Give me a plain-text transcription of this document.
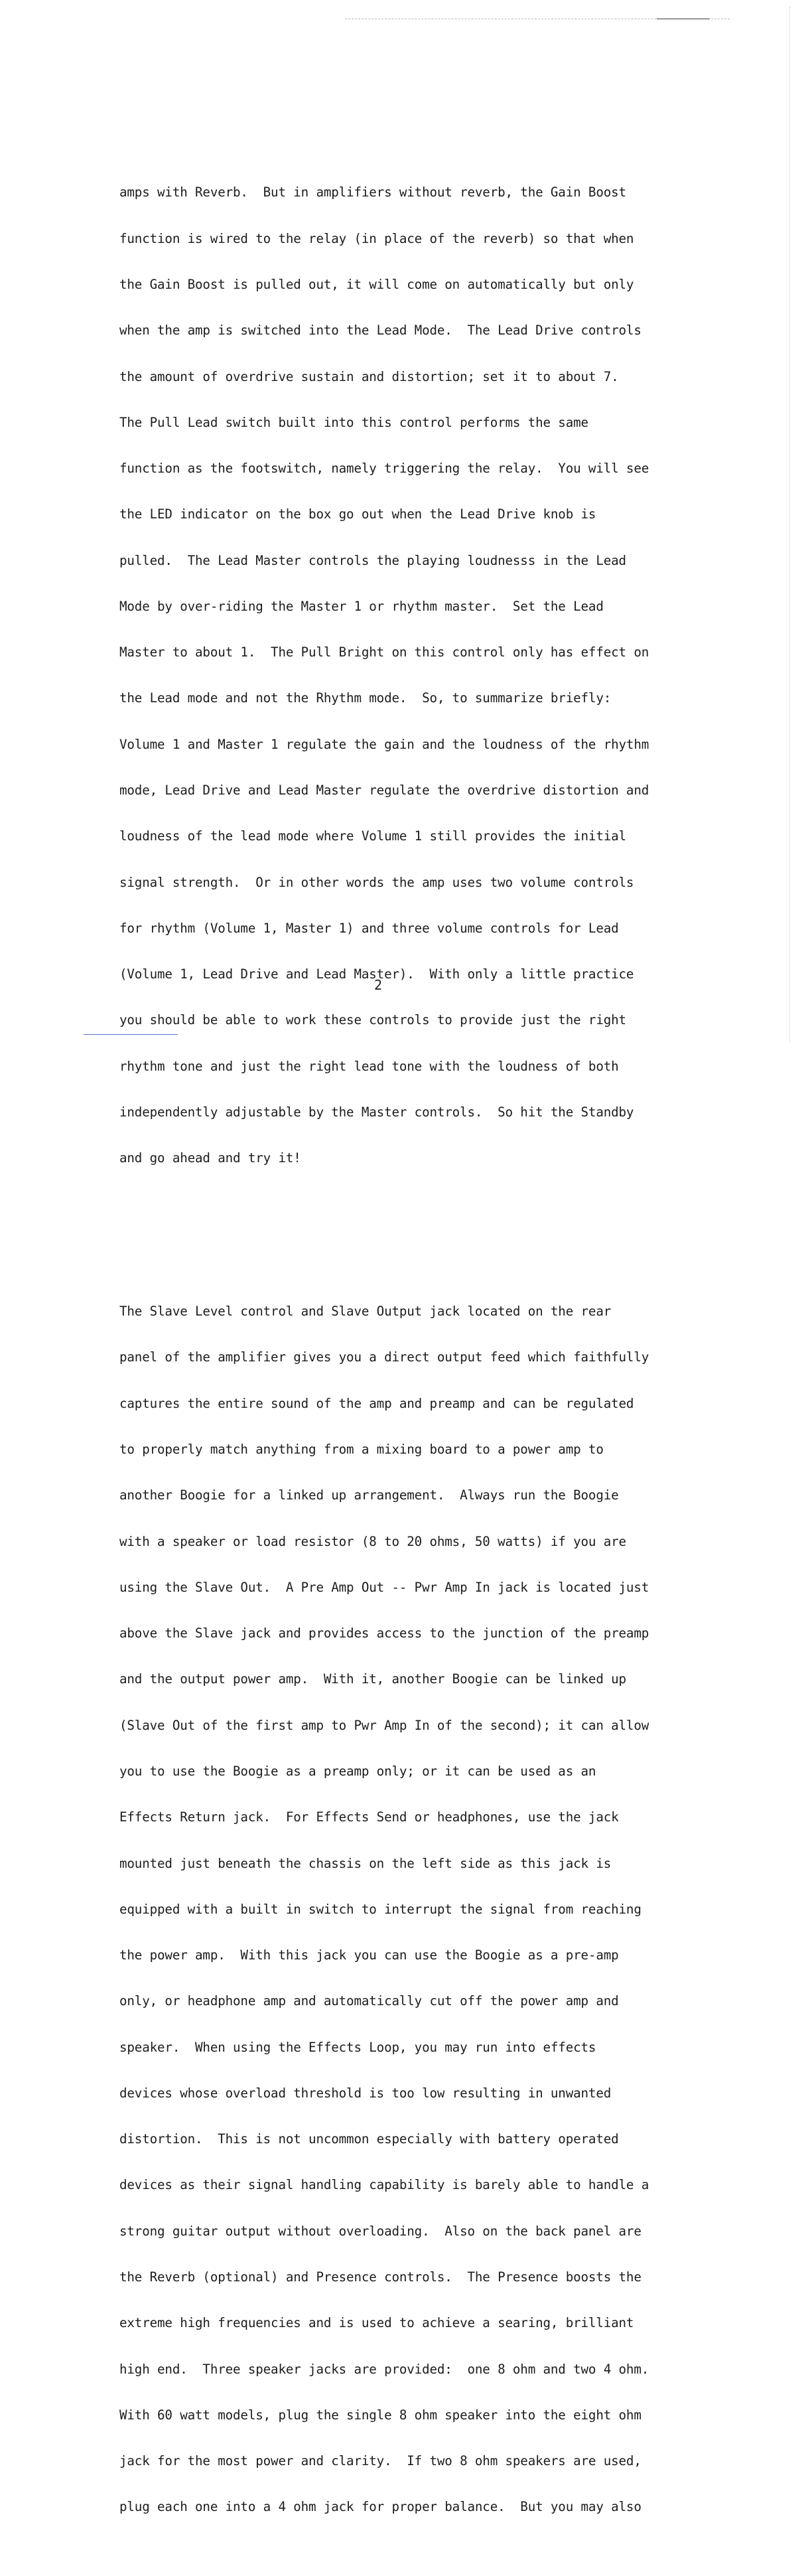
amps with Reverb.  But in amplifiers without reverb, the Gain Boost

function is wired to the relay (in place of the reverb) so that when

the Gain Boost is pulled out, it will come on automatically but only

when the amp is switched into the Lead Mode.  The Lead Drive controls

the amount of overdrive sustain and distortion; set it to about 7.

The Pull Lead switch built into this control performs the same

function as the footswitch, namely triggering the relay.  You will see

the LED indicator on the box go out when the Lead Drive knob is

pulled.  The Lead Master controls the playing loudnesss in the Lead

Mode by over-riding the Master 1 or rhythm master.  Set the Lead

Master to about 1.  The Pull Bright on this control only has effect on

the Lead mode and not the Rhythm mode.  So, to summarize briefly:

Volume 1 and Master 1 regulate the gain and the loudness of the rhythm

mode, Lead Drive and Lead Master regulate the overdrive distortion and

loudness of the lead mode where Volume 1 still provides the initial

signal strength.  Or in other words the amp uses two volume controls

for rhythm (Volume 1, Master 1) and three volume controls for Lead

(Volume 1, Lead Drive and Lead Master).  With only a little practice

you should be able to work these controls to provide just the right

rhythm tone and just the right lead tone with the loudness of both

independently adjustable by the Master controls.  So hit the Standby

and go ahead and try it!

The Slave Level control and Slave Output jack located on the rear

panel of the amplifier gives you a direct output feed which faithfully

captures the entire sound of the amp and preamp and can be regulated

to properly match anything from a mixing board to a power amp to

another Boogie for a linked up arrangement.  Always run the Boogie

with a speaker or load resistor (8 to 20 ohms, 50 watts) if you are

using the Slave Out.  A Pre Amp Out -- Pwr Amp In jack is located just

above the Slave jack and provides access to the junction of the preamp

and the output power amp.  With it, another Boogie can be linked up

(Slave Out of the first amp to Pwr Amp In of the second); it can allow

you to use the Boogie as a preamp only; or it can be used as an

Effects Return jack.  For Effects Send or headphones, use the jack

mounted just beneath the chassis on the left side as this jack is

equipped with a built in switch to interrupt the signal from reaching

the power amp.  With this jack you can use the Boogie as a pre-amp

only, or headphone amp and automatically cut off the power amp and

speaker.  When using the Effects Loop, you may run into effects

devices whose overload threshold is too low resulting in unwanted

distortion.  This is not uncommon especially with battery operated

devices as their signal handling capability is barely able to handle a

strong guitar output without overloading.  Also on the back panel are

the Reverb (optional) and Presence controls.  The Presence boosts the

extreme high frequencies and is used to achieve a searing, brilliant

high end.  Three speaker jacks are provided:  one 8 ohm and two 4 ohm.

With 60 watt models, plug the single 8 ohm speaker into the eight ohm

jack for the most power and clarity.  If two 8 ohm speakers are used,

plug each one into a 4 ohm jack for proper balance.  But you may also

2
